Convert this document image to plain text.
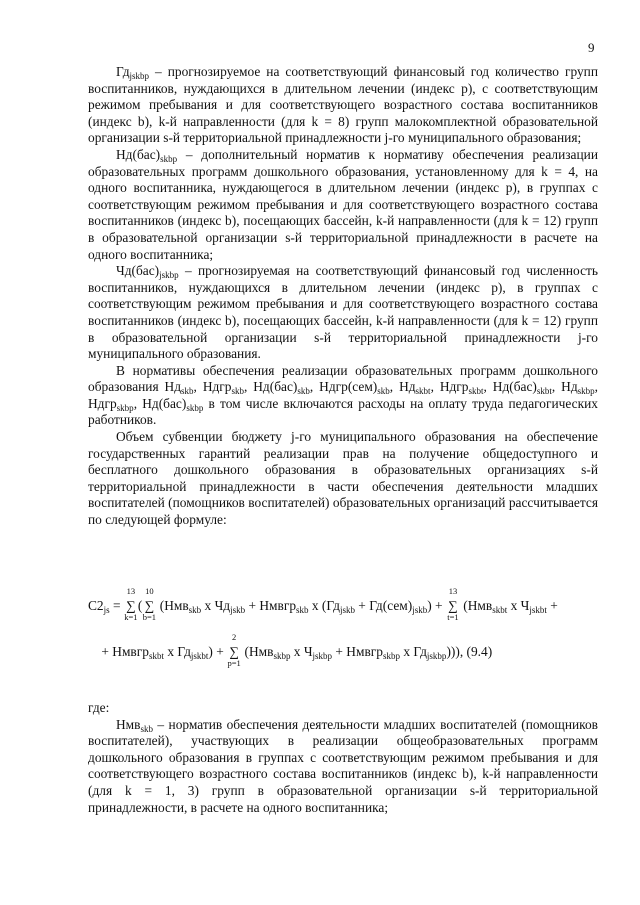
9

$Гд_{jskbp}$ – прогнозируемое на соответствующий финансовый год количество групп воспитанников, нуждающихся в длительном лечении (индекс p), с соответствующим режимом пребывания и для соответствующего возрастного состава воспитанников (индекс b), k-й направленности (для k = 8) групп малокомплектной образовательной организации s-й территориальной принадлежности j-го муниципального образования;

$Нд(бас)_{skbp}$ – дополнительный норматив к нормативу обеспечения реализации образовательных программ дошкольного образования, установленному для k = 4, на одного воспитанника, нуждающегося в длительном лечении (индекс p), в группах с соответствующим режимом пребывания и для соответствующего возрастного состава воспитанников (индекс b), посещающих бассейн, k-й направленности (для k = 12) групп в образовательной организации s-й территориальной принадлежности в расчете на одного воспитанника;

$Чд(бас)_{jskbp}$ – прогнозируемая на соответствующий финансовый год численность воспитанников, нуждающихся в длительном лечении (индекс p), в группах с соответствующим режимом пребывания и для соответствующего возрастного состава воспитанников (индекс b), посещающих бассейн, k-й направленности (для k = 12) групп в образовательной организации s-й территориальной принадлежности j-го муниципального образования.

В нормативы обеспечения реализации образовательных программ дошкольного образования $Нд_{skb}$, Ндгр$_{skb}$, $Нд(бас)_{skb}$, $Ндгр(сем)_{skb}$, $Нд_{skbt}$, Ндгр$_{skbt}$, $Нд(бас)_{skbt}$, $Нд_{skbp}$, Ндгр$_{skbp}$, $Нд(бас)_{skbp}$ в том числе включаются расходы на оплату труда педагогических работников.

Объем субвенции бюджету j-го муниципального образования на обеспечение государственных гарантий реализации прав на получение общедоступного и бесплатного дошкольного образования в образовательных организациях s-й территориальной принадлежности в части обеспечения деятельности младших воспитателей (помощников воспитателей) образовательных организаций рассчитывается по следующей формуле:

$С2_{js}$ = ∑
13
k=1
( ∑
10
b=1
(Нмв$_{skb}$ х $Чд_{jskb}$ + Нмвгр$_{skb}$ х $(Гд_{jskb} + Гд(сем)_{jskb})$ + ∑
13
t=1
(Нмв$_{skbt}$ х $Ч_{jskbt}$ +
+ Нмвгр$_{skbt}$ х $Гд_{jskbt}$) + ∑
2
p=1
(Нмв$_{skbp}$ х $Ч_{jskbp}$ + Нмвгр$_{skbp}$ х $Гд_{jskbp}$))), (9.4)

где:

Нмв$_{skb}$ – норматив обеспечения деятельности младших воспитателей (помощников воспитателей), участвующих в реализации общеобразовательных программ дошкольного образования в группах с соответствующим режимом пребывания и для соответствующего возрастного состава воспитанников (индекс b), k-й направленности (для k = 1, 3) групп в образовательной организации s-й территориальной принадлежности, в расчете на одного воспитанника;
